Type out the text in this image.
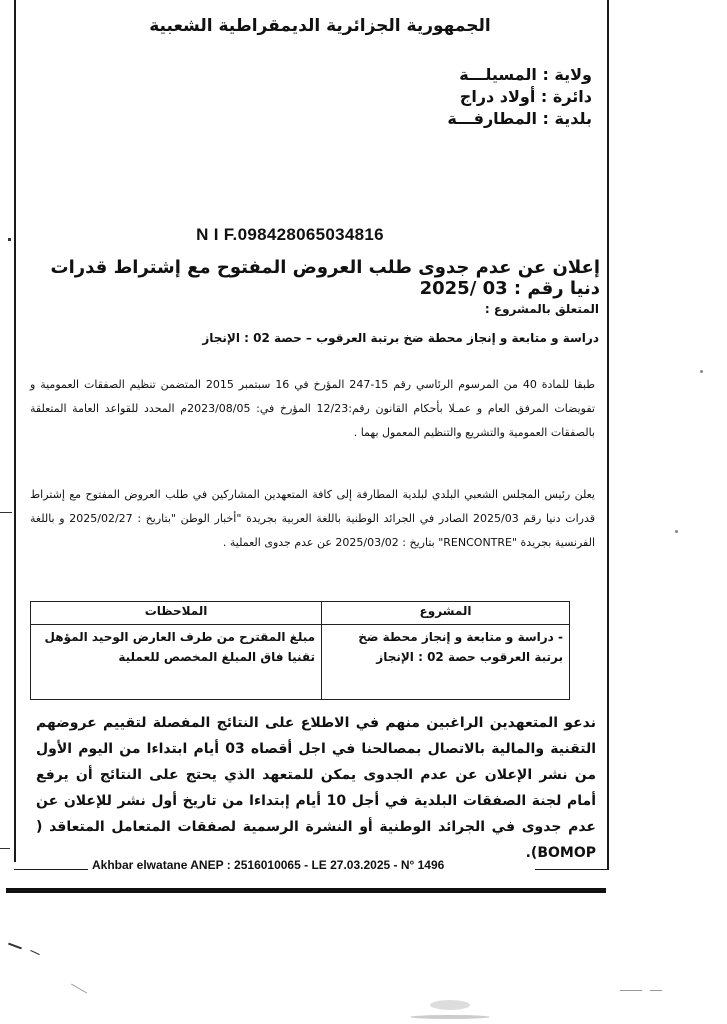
الجمهورية الجزائرية الديمقراطية الشعبية
ولاية : المسيلـــة
دائرة : أولاد دراج
بلدية : المطارفـــة
N I F.098428065034816
إعلان عن عدم جدوى طلب العروض المفتوح مع إشتراط قدرات دنيا رقم : 03 /2025
المتعلق بالمشروع :
دراسة و متابعة و إنجاز محطة ضخ برتبة العرقوب – حصة 02 : الإنجاز
طبقا للمادة 40 من المرسوم الرئاسي رقم 15-247 المؤرخ في 16 سبتمبر 2015 المتضمن تنظيم الصفقات العمومية و تفويضات المرفق العام و عمـلا بأحكام القانون رقم:12/23 المؤرخ في: 2023/08/05م المحدد للقواعد العامة المتعلقة بالصفقات العمومية والتشريع والتنظيم المعمول بهما .
يعلن رئيس المجلس الشعبي البلدي لبلدية المطارفة إلى كافة المتعهدين المشاركين في طلب العروض المفتوح مع إشتراط قدرات دنيا رقم 2025/03 الصادر في الجرائد الوطنية باللغة العربية بجريدة "أخبار الوطن "بتاريخ : 2025/02/27 و باللغة الفرنسية بجريدة "RENCONTRE" بتاريخ : 2025/03/02 عن عدم جدوى العملية .
المشروع	الملاحظات
- دراسة و متابعة و إنجاز محطة ضخ برتبة العرقوب حصة 02 : الإنجاز	مبلغ المقترح من طرف العارض الوحيد المؤهل تقنيا فاق المبلغ المخصص للعملية
ندعو المتعهدين الراغبين منهم في الاطلاع على النتائج المفصلة لتقييم عروضهم التقنية والمالية بالاتصال بمصالحنا في اجل أقصاه 03 أيام ابتداءا من اليوم الأول من نشر الإعلان عن عدم الجدوى يمكن للمتعهد الذي يحتج على النتائج أن يرفع أمام لجنة الصفقات البلدية في أجل 10 أيام إبتداءا من تاريخ أول نشر للإعلان عن عدم جدوى في الجرائد الوطنية أو النشرة الرسمية لصفقات المتعامل المتعاقد ( BOMOP).
Akhbar elwatane ANEP : 2516010065 - LE 27.03.2025 - N° 1496
